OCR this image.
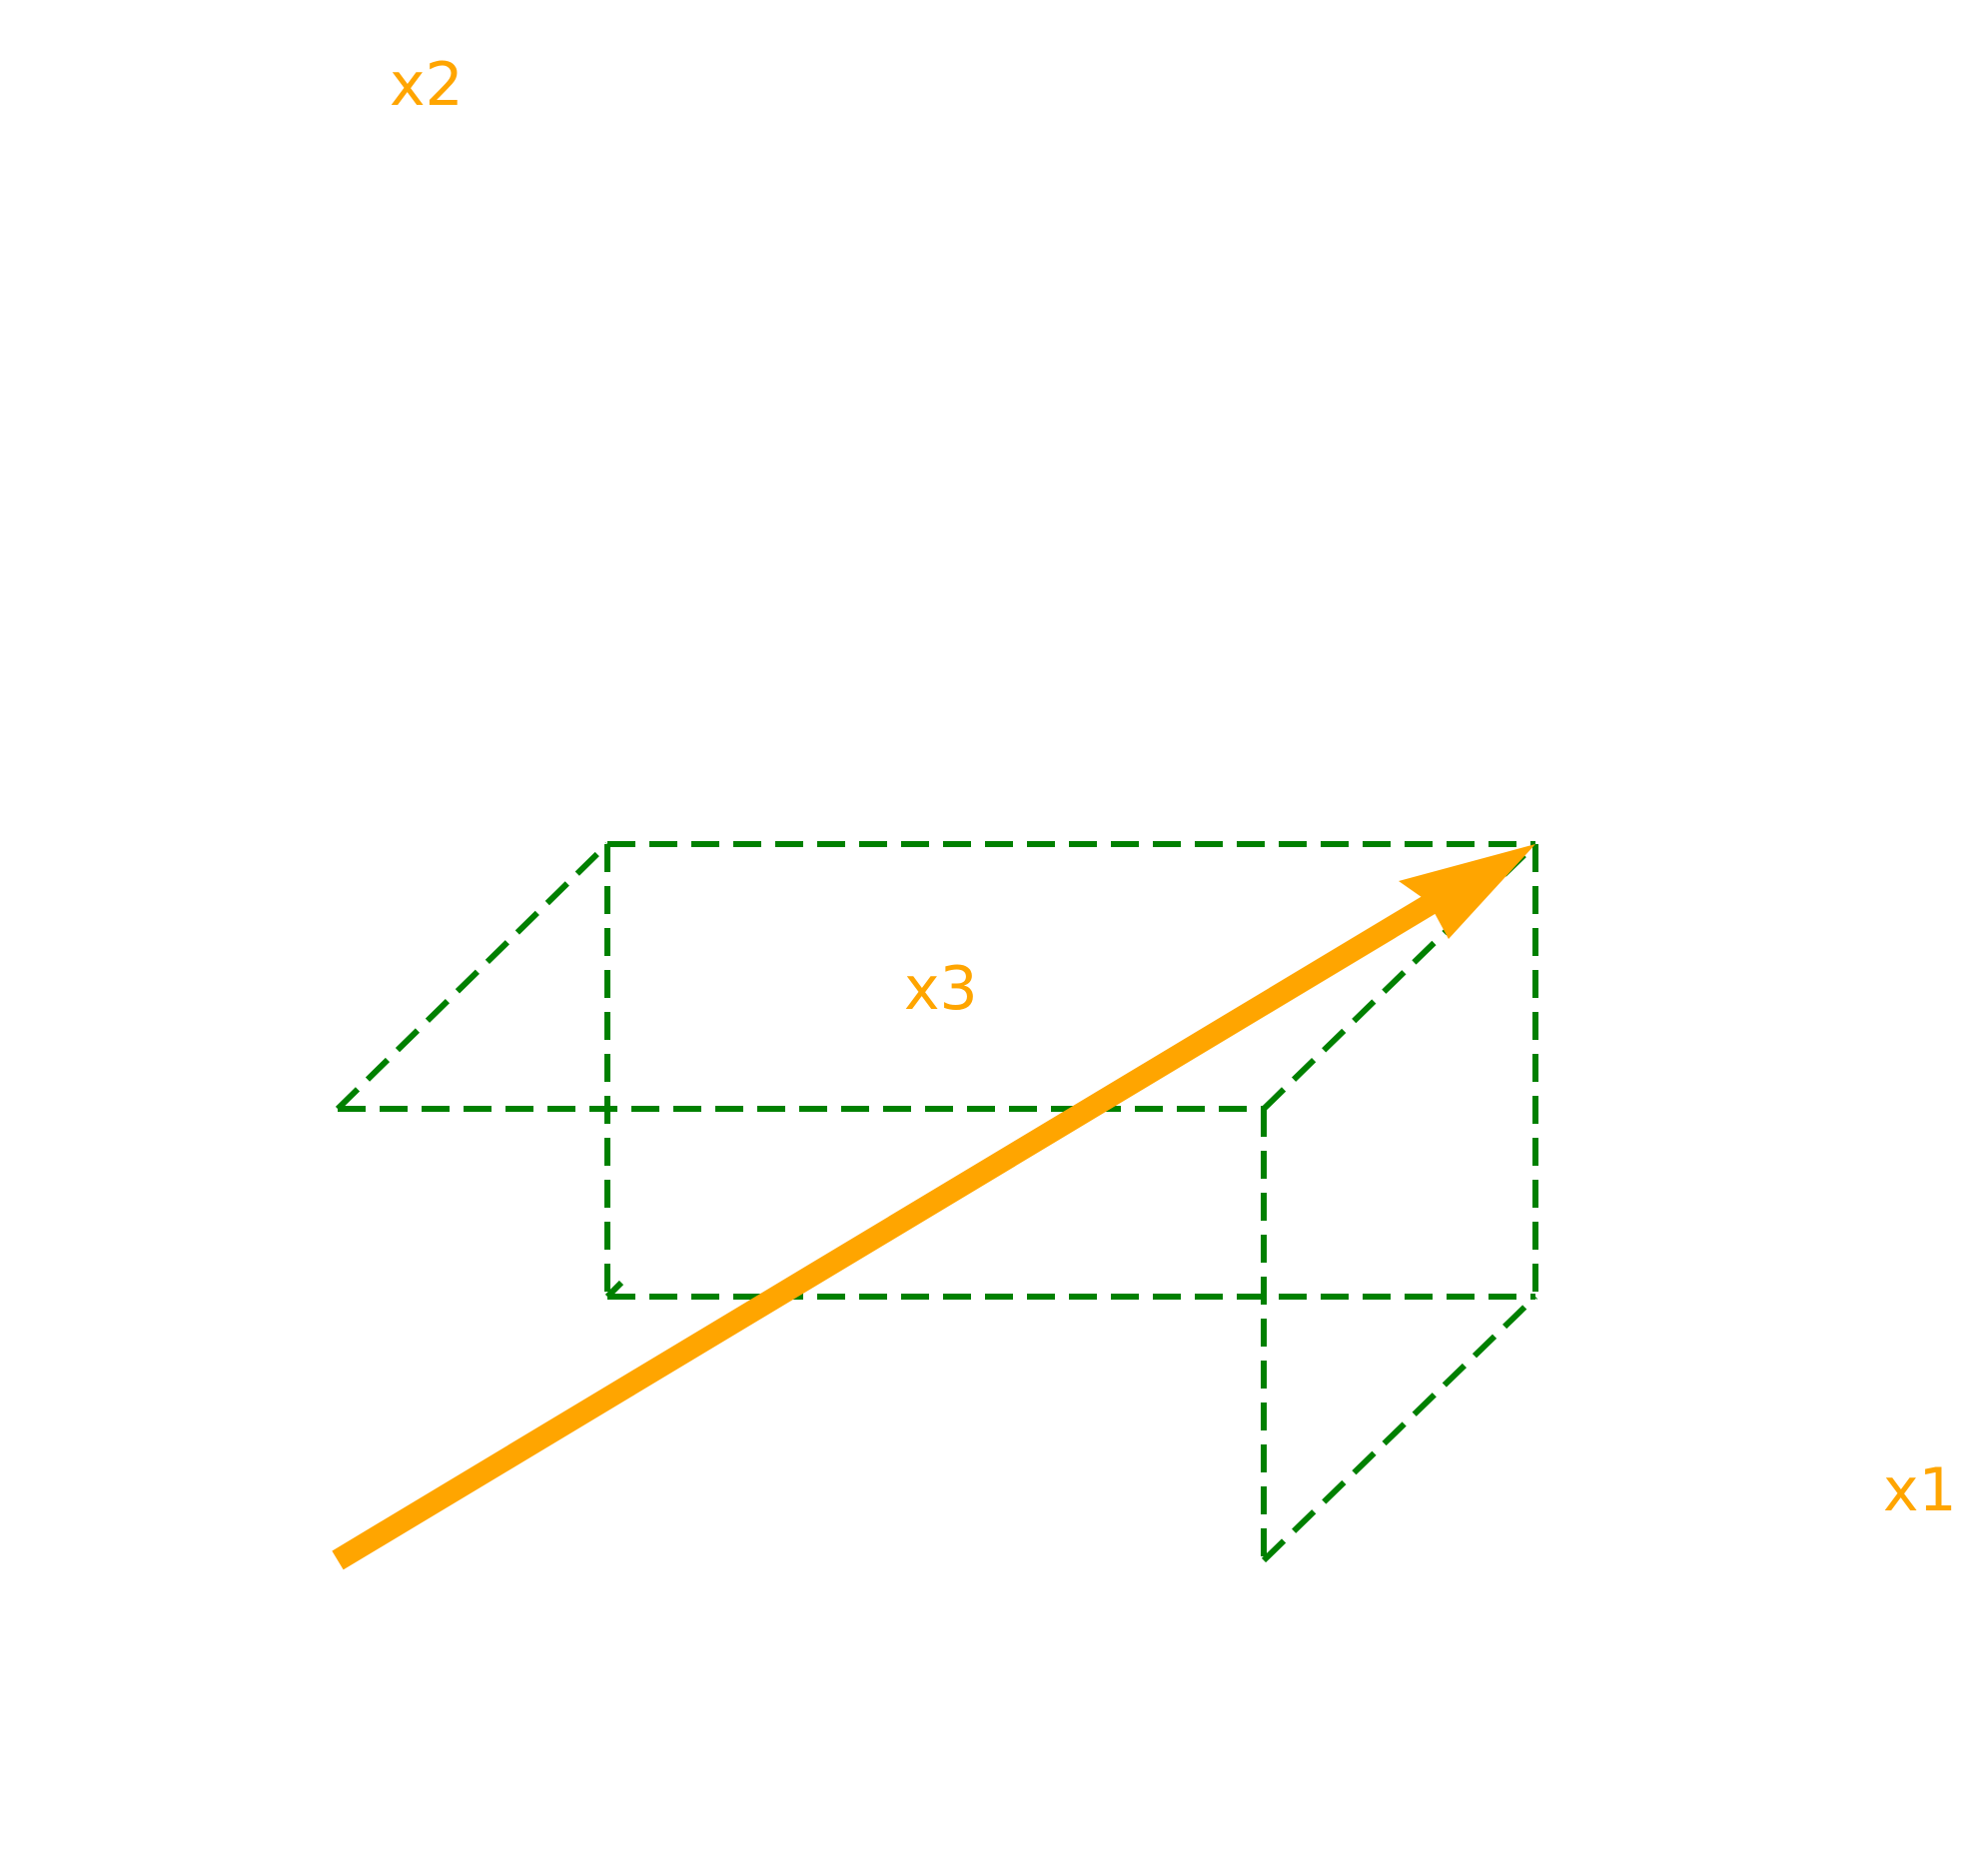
x2
x3
x1
